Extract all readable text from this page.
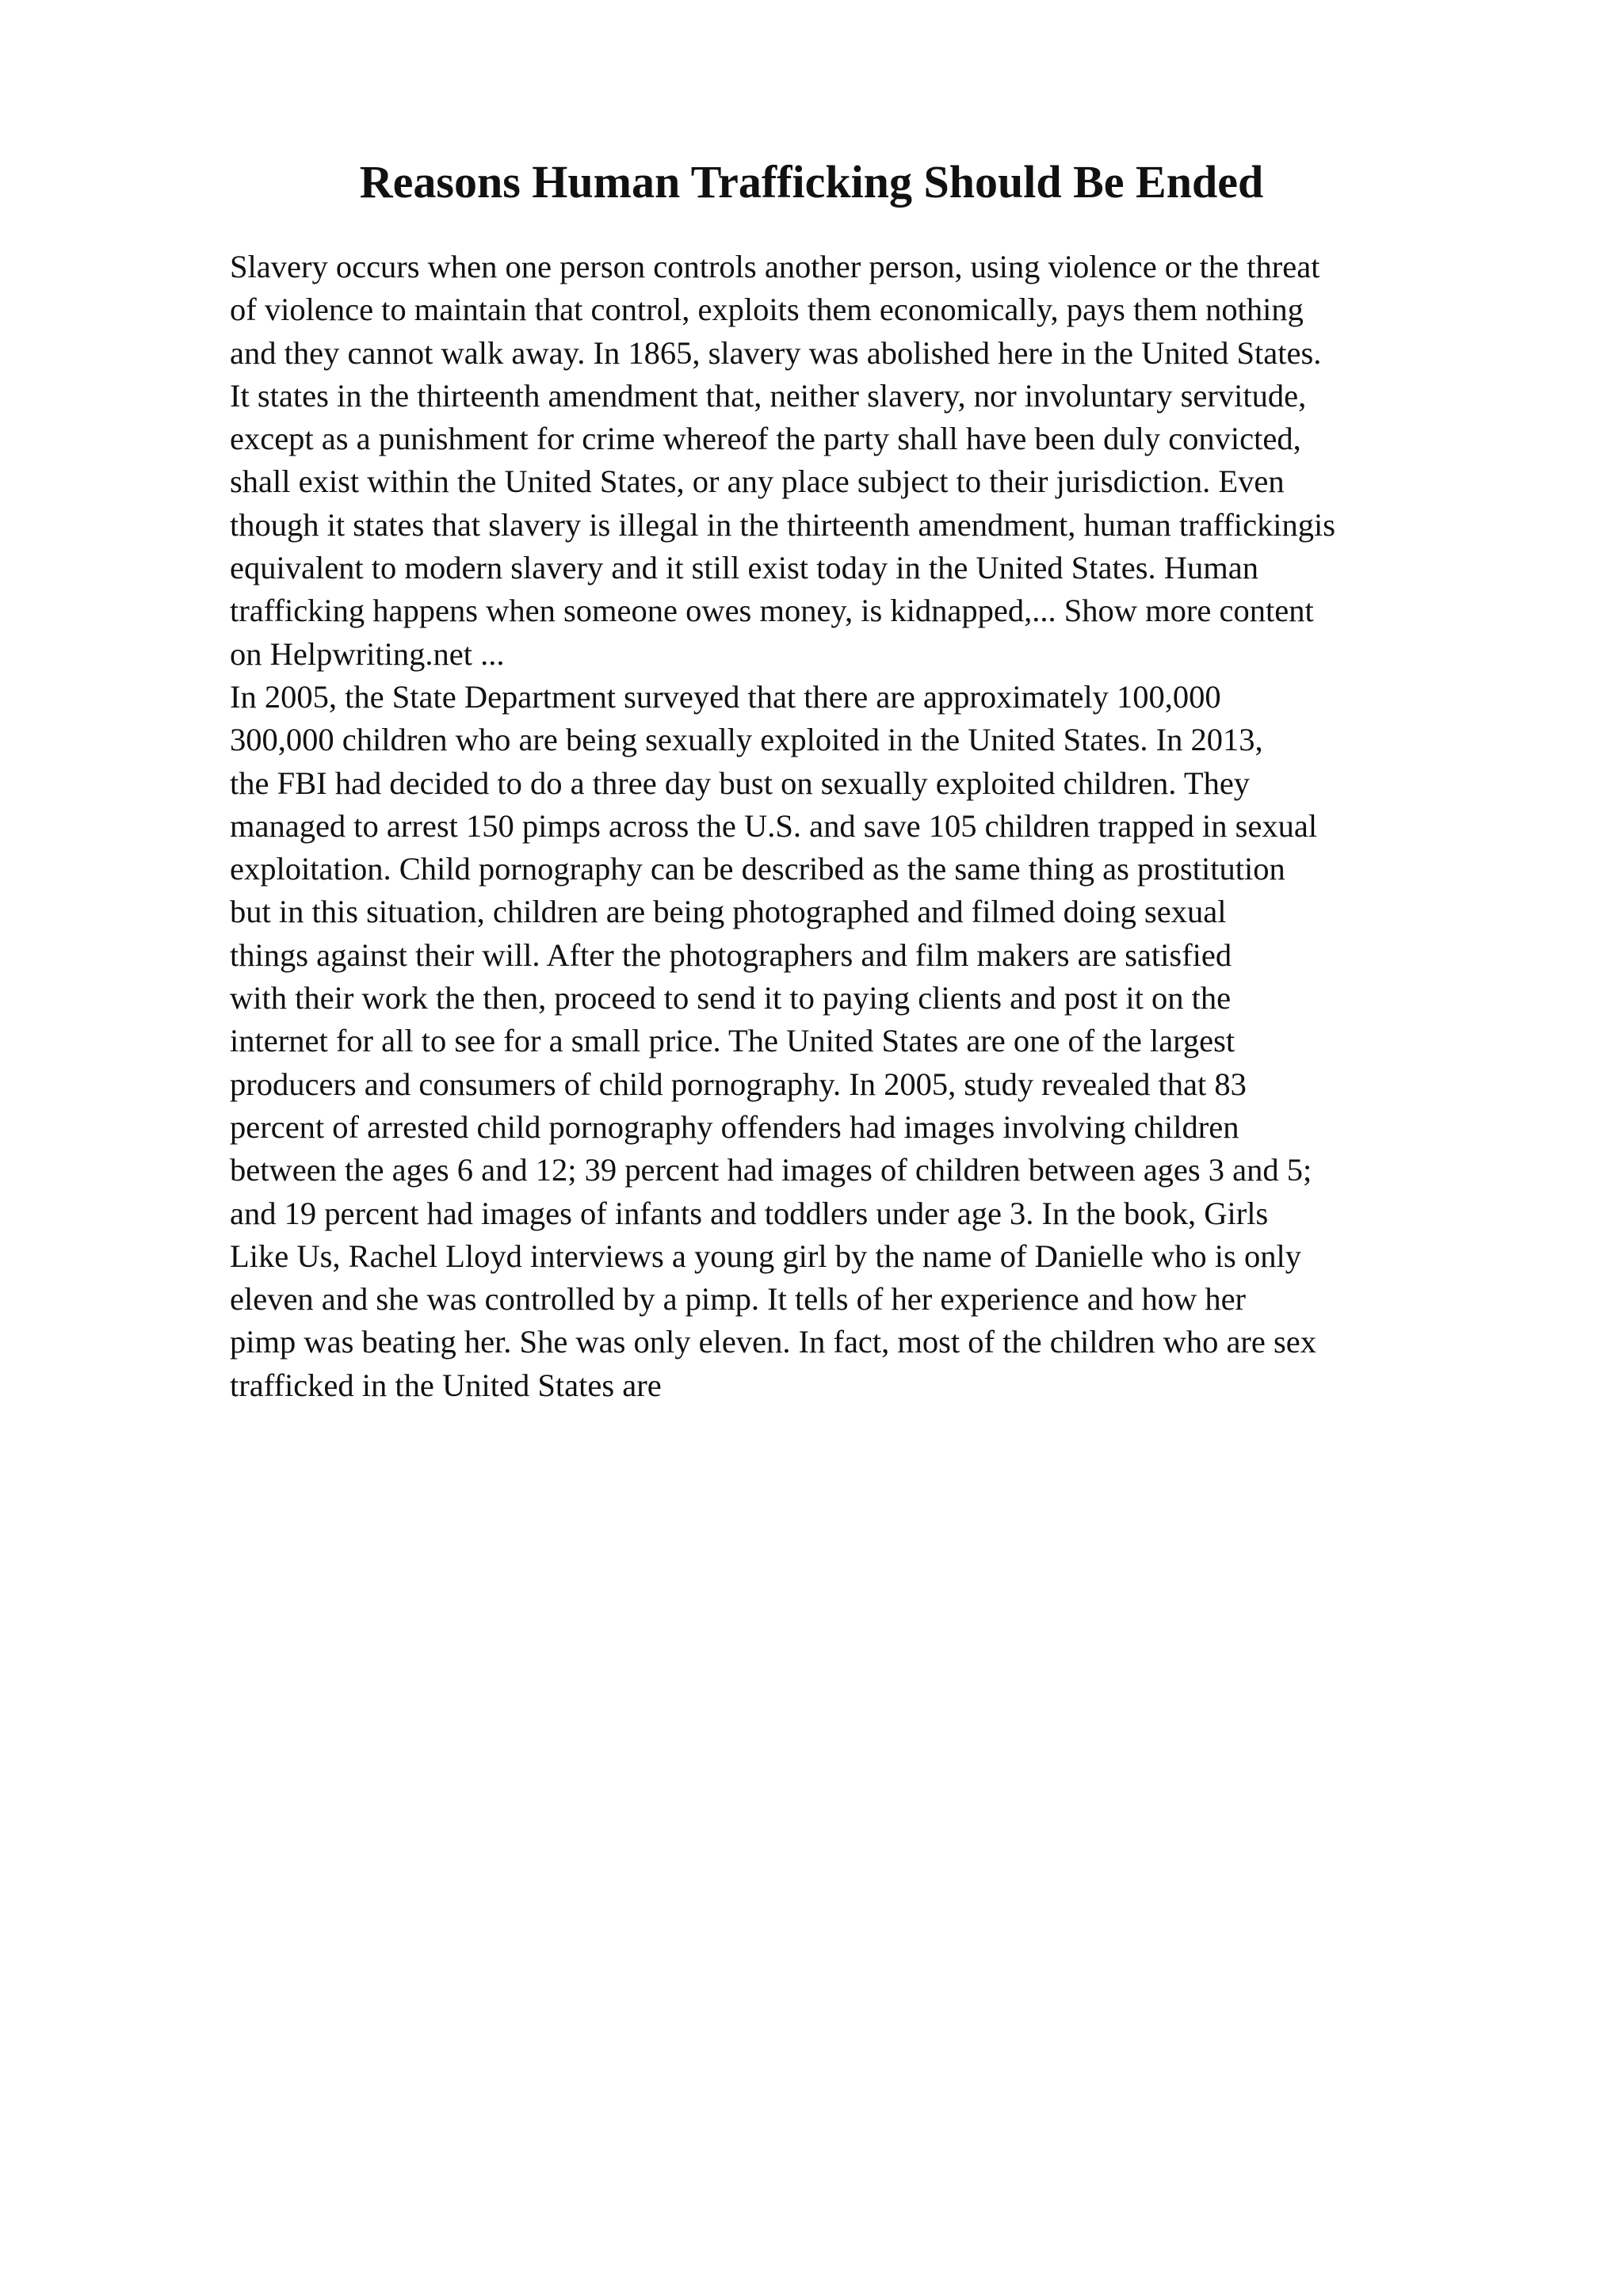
Reasons Human Trafficking Should Be Ended
Slavery occurs when one person controls another person, using violence or the threat
of violence to maintain that control, exploits them economically, pays them nothing
and they cannot walk away. In 1865, slavery was abolished here in the United States.
It states in the thirteenth amendment that, neither slavery, nor involuntary servitude,
except as a punishment for crime whereof the party shall have been duly convicted,
shall exist within the United States, or any place subject to their jurisdiction. Even
though it states that slavery is illegal in the thirteenth amendment, human traffickingis
equivalent to modern slavery and it still exist today in the United States. Human
trafficking happens when someone owes money, is kidnapped,... Show more content
on Helpwriting.net ...
In 2005, the State Department surveyed that there are approximately 100,000
300,000 children who are being sexually exploited in the United States. In 2013,
the FBI had decided to do a three day bust on sexually exploited children. They
managed to arrest 150 pimps across the U.S. and save 105 children trapped in sexual
exploitation. Child pornography can be described as the same thing as prostitution
but in this situation, children are being photographed and filmed doing sexual
things against their will. After the photographers and film makers are satisfied
with their work the then, proceed to send it to paying clients and post it on the
internet for all to see for a small price. The United States are one of the largest
producers and consumers of child pornography. In 2005, study revealed that 83
percent of arrested child pornography offenders had images involving children
between the ages 6 and 12; 39 percent had images of children between ages 3 and 5;
and 19 percent had images of infants and toddlers under age 3. In the book, Girls
Like Us, Rachel Lloyd interviews a young girl by the name of Danielle who is only
eleven and she was controlled by a pimp. It tells of her experience and how her
pimp was beating her. She was only eleven. In fact, most of the children who are sex
trafficked in the United States are
